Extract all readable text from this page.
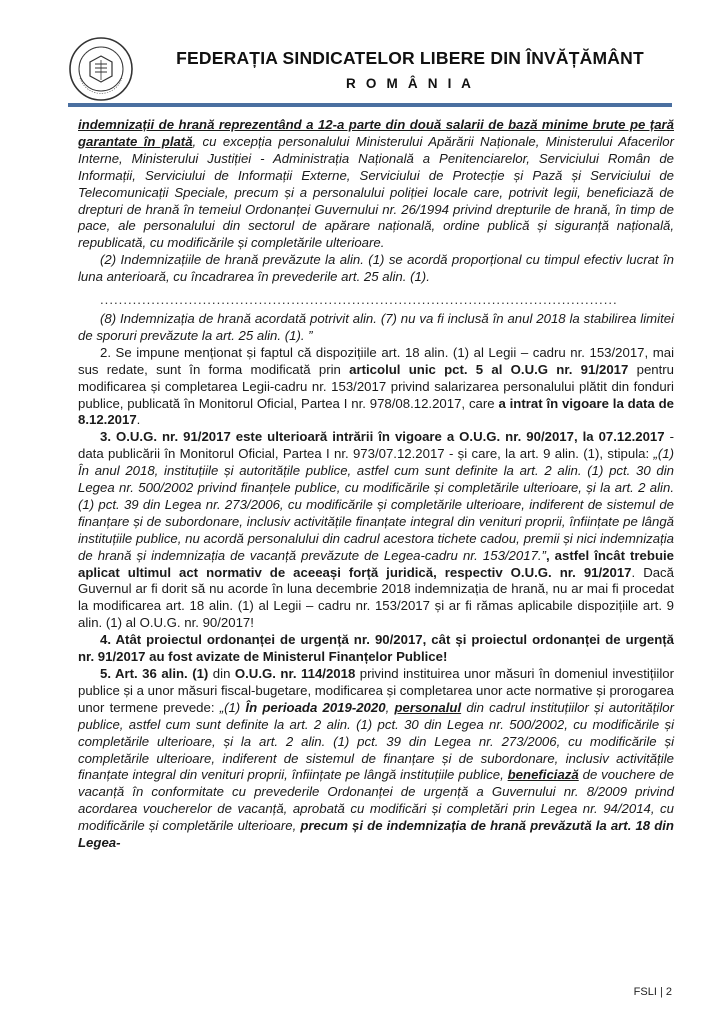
FEDERAȚIA SINDICATELOR LIBERE DIN ÎNVĂȚĂMÂNT
R O M Â N I A

indemnizații de hrană reprezentând a 12-a parte din două salarii de bază minime brute pe țară garantate în plată, cu excepția personalului Ministerului Apărării Naționale, Ministerului Afacerilor Interne, Ministerului Justiției - Administrația Națională a Penitenciarelor, Serviciului Român de Informații, Serviciului de Informații Externe, Serviciului de Protecție și Pază și Serviciului de Telecomunicații Speciale, precum și a personalului poliției locale care, potrivit legii, beneficiază de drepturi de hrană în temeiul Ordonanței Guvernului nr. 26/1994 privind drepturile de hrană, în timp de pace, ale personalului din sectorul de apărare națională, ordine publică și siguranță națională, republicată, cu modificările și completările ulterioare.

(2) Indemnizațiile de hrană prevăzute la alin. (1) se acordă proporțional cu timpul efectiv lucrat în luna anterioară, cu încadrarea în prevederile art. 25 alin. (1).

...............................................................................................................

(8) Indemnizația de hrană acordată potrivit alin. (7) nu va fi inclusă în anul 2018 la stabilirea limitei de sporuri prevăzute la art. 25 alin. (1). ”

2. Se impune menționat și faptul că dispozițiile art. 18 alin. (1) al Legii – cadru nr. 153/2017, mai sus redate, sunt în forma modificată prin articolul unic pct. 5 al O.U.G nr. 91/2017 pentru modificarea și completarea Legii-cadru nr. 153/2017 privind salarizarea personalului plătit din fonduri publice, publicată în Monitorul Oficial, Partea I nr. 978/08.12.2017, care a intrat în vigoare la data de 8.12.2017.

3. O.U.G. nr. 91/2017 este ulterioară intrării în vigoare a O.U.G. nr. 90/2017, la 07.12.2017 - data publicării în Monitorul Oficial, Partea I nr. 973/07.12.2017 - și care, la art. 9 alin. (1), stipula: „(1) În anul 2018, instituțiile și autoritățile publice, astfel cum sunt definite la art. 2 alin. (1) pct. 30 din Legea nr. 500/2002 privind finanțele publice, cu modificările și completările ulterioare, și la art. 2 alin. (1) pct. 39 din Legea nr. 273/2006, cu modificările și completările ulterioare, indiferent de sistemul de finanțare și de subordonare, inclusiv activitățile finanțate integral din venituri proprii, înființate pe lângă instituțiile publice, nu acordă personalului din cadrul acestora tichete cadou, premii și nici indemnizația de hrană și indemnizația de vacanță prevăzute de Legea-cadru nr. 153/2017.”, astfel încât trebuie aplicat ultimul act normativ de aceeași forță juridică, respectiv O.U.G. nr. 91/2017. Dacă Guvernul ar fi dorit să nu acorde în luna decembrie 2018 indemnizația de hrană, nu ar mai fi procedat la modificarea art. 18 alin. (1) al Legii – cadru nr. 153/2017 și ar fi rămas aplicabile dispozițiile art. 9 alin. (1) al O.U.G. nr. 90/2017!

4. Atât proiectul ordonanței de urgență nr. 90/2017, cât și proiectul ordonanței de urgență nr. 91/2017 au fost avizate de Ministerul Finanțelor Publice!

5. Art. 36 alin. (1) din O.U.G. nr. 114/2018 privind instituirea unor măsuri în domeniul investițiilor publice și a unor măsuri fiscal-bugetare, modificarea și completarea unor acte normative și prorogarea unor termene prevede: „(1) În perioada 2019-2020, personalul din cadrul instituțiilor și autorităților publice, astfel cum sunt definite la art. 2 alin. (1) pct. 30 din Legea nr. 500/2002, cu modificările și completările ulterioare, și la art. 2 alin. (1) pct. 39 din Legea nr. 273/2006, cu modificările și completările ulterioare, indiferent de sistemul de finanțare și de subordonare, inclusiv activitățile finanțate integral din venituri proprii, înființate pe lângă instituțiile publice, beneficiază de vouchere de vacanță în conformitate cu prevederile Ordonanței de urgență a Guvernului nr. 8/2009 privind acordarea voucherelor de vacanță, aprobată cu modificări și completări prin Legea nr. 94/2014, cu modificările și completările ulterioare, precum și de indemnizația de hrană prevăzută la art. 18 din Legea-

FSLI | 2
